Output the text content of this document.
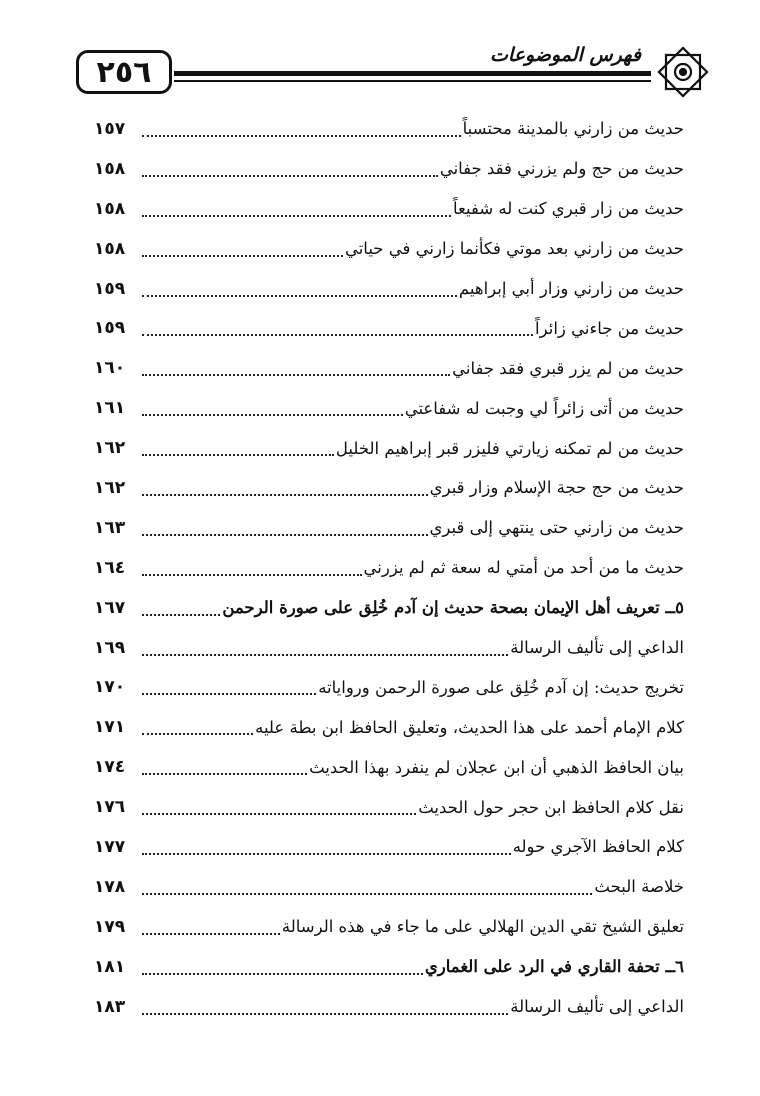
٢٥٦	فهرس الموضوعات
حديث من زارني بالمدينة محتسباً
١٥٧
حديث من حج ولم يزرني فقد جفاني
١٥٨
حديث من زار قبري كنت له شفيعاً
١٥٨
حديث من زارني بعد موتي فكأنما زارني في حياتي
١٥٨
حديث من زارني وزار أبي إبراهيم
١٥٩
حديث من جاءني زائراً
١٥٩
حديث من لم يزر قبري فقد جفاني
١٦٠
حديث من أتى زائراً لي وجبت له شفاعتي
١٦١
حديث من لم تمكنه زيارتي فليزر قبر إبراهيم الخليل
١٦٢
حديث من حج حجة الإسلام وزار قبري
١٦٢
حديث من زارني حتى ينتهي إلى قبري
١٦٣
حديث ما من أحد من أمتي له سعة ثم لم يزرني
١٦٤
٥ــ تعريف أهل الإيمان بصحة حديث إن آدم خُلِق على صورة الرحمن
١٦٧
الداعي إلى تأليف الرسالة
١٦٩
تخريج حديث: إن آدم خُلِق على صورة الرحمن ورواياته
١٧٠
كلام الإمام أحمد على هذا الحديث، وتعليق الحافظ ابن بطة عليه
١٧١
بيان الحافظ الذهبي أن ابن عجلان لم ينفرد بهذا الحديث
١٧٤
نقل كلام الحافظ ابن حجر حول الحديث
١٧٦
كلام الحافظ الآجري حوله
١٧٧
خلاصة البحث
١٧٨
تعليق الشيخ تقي الدين الهلالي على ما جاء في هذه الرسالة
١٧٩
٦ــ تحفة القاري في الرد على الغماري
١٨١
الداعي إلى تأليف الرسالة
١٨٣
